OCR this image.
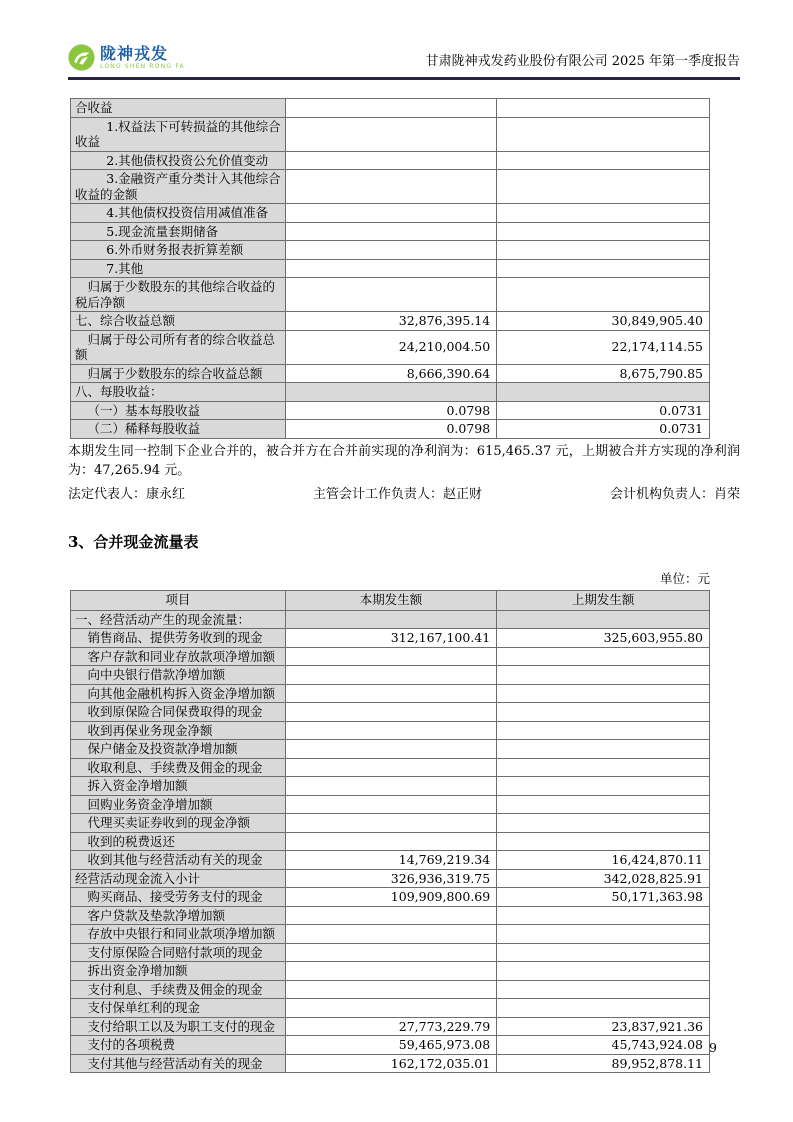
陇神戎发
LONG SHEN RONG FA	甘肃陇神戎发药业股份有限公司 2025 年第一季度报告
合收益		
1.权益法下可转损益的其他综合收益		
2.其他债权投资公允价值变动		
3.金融资产重分类计入其他综合收益的金额		
4.其他债权投资信用减值准备		
5.现金流量套期储备		
6.外币财务报表折算差额		
7.其他		
归属于少数股东的其他综合收益的税后净额		
七、综合收益总额	32,876,395.14	30,849,905.40
归属于母公司所有者的综合收益总额	24,210,004.50	22,174,114.55
归属于少数股东的综合收益总额	8,666,390.64	8,675,790.85
八、每股收益：		
（一）基本每股收益	0.0798	0.0731
（二）稀释每股收益	0.0798	0.0731
本期发生同一控制下企业合并的，被合并方在合并前实现的净利润为：615,465.37 元，上期被合并方实现的净利润为：47,265.94 元。
法定代表人：康永红	主管会计工作负责人：赵正财	会计机构负责人：肖荣
3、合并现金流量表
单位：元
项目	本期发生额	上期发生额
一、经营活动产生的现金流量：		
销售商品、提供劳务收到的现金	312,167,100.41	325,603,955.80
客户存款和同业存放款项净增加额		
向中央银行借款净增加额		
向其他金融机构拆入资金净增加额		
收到原保险合同保费取得的现金		
收到再保业务现金净额		
保户储金及投资款净增加额		
收取利息、手续费及佣金的现金		
拆入资金净增加额		
回购业务资金净增加额		
代理买卖证券收到的现金净额		
收到的税费返还		
收到其他与经营活动有关的现金	14,769,219.34	16,424,870.11
经营活动现金流入小计	326,936,319.75	342,028,825.91
购买商品、接受劳务支付的现金	109,909,800.69	50,171,363.98
客户贷款及垫款净增加额		
存放中央银行和同业款项净增加额		
支付原保险合同赔付款项的现金		
拆出资金净增加额		
支付利息、手续费及佣金的现金		
支付保单红利的现金		
支付给职工以及为职工支付的现金	27,773,229.79	23,837,921.36
支付的各项税费	59,465,973.08	45,743,924.08
支付其他与经营活动有关的现金	162,172,035.01	89,952,878.11
9
